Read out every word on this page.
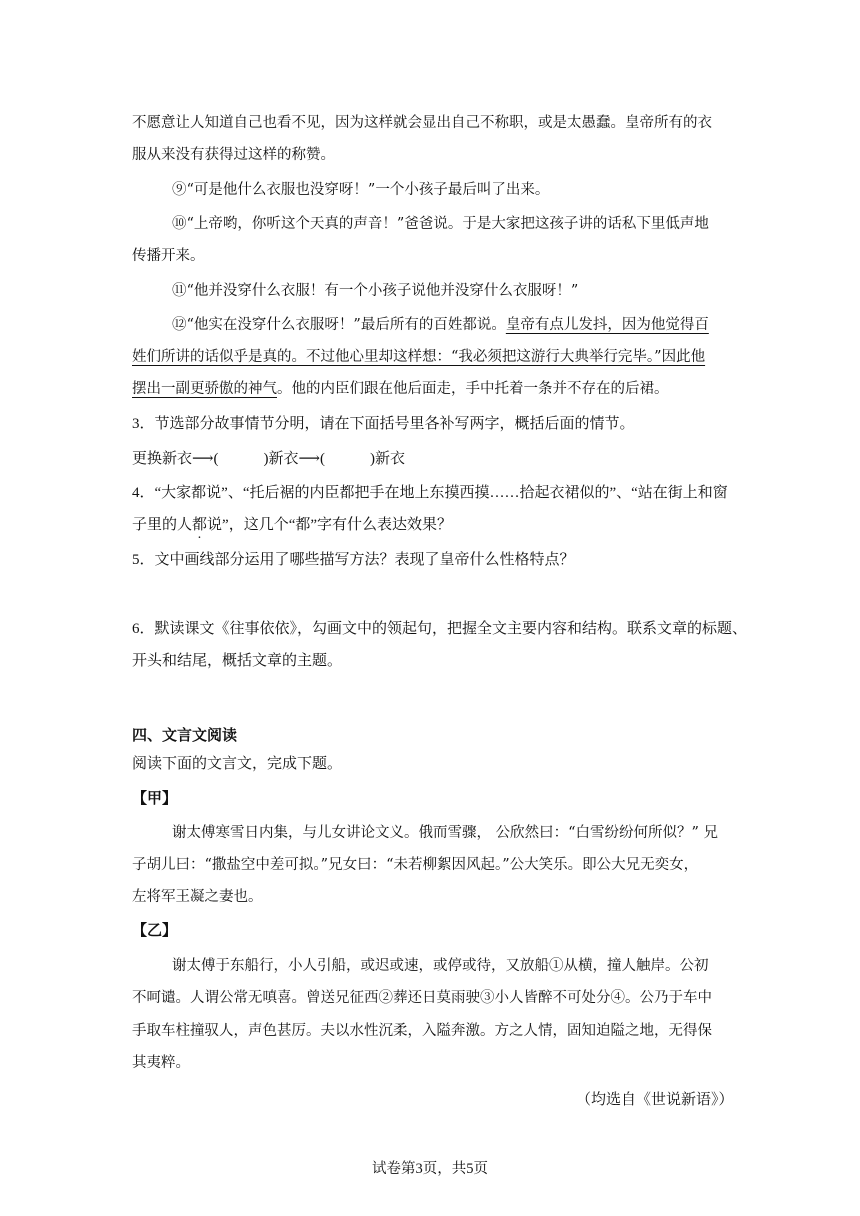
不愿意让人知道自己也看不见，因为这样就会显出自己不称职，或是太愚蠢。皇帝所有的衣
服从来没有获得过这样的称赞。
⑨“可是他什么衣服也没穿呀！”一个小孩子最后叫了出来。
⑩“上帝哟，你听这个天真的声音！”爸爸说。于是大家把这孩子讲的话私下里低声地
传播开来。
⑪“他并没穿什么衣服！有一个小孩子说他并没穿什么衣服呀！”
⑫“他实在没穿什么衣服呀！”最后所有的百姓都说。皇帝有点儿发抖，因为他觉得百
姓们所讲的话似乎是真的。不过他心里却这样想：“我必须把这游行大典举行完毕。”因此他
摆出一副更骄傲的神气。他的内臣们跟在他后面走，手中托着一条并不存在的后裙。
3．节选部分故事情节分明，请在下面括号里各补写两字，概括后面的情节。
更换新衣⟶(　　　)新衣⟶(　　　)新衣
4．“大家都说”、“托后裾的内臣都把手在地上东摸西摸……拾起衣裙似的”、“站在街上和窗
子里的人都说”，这几个“都”字有什么表达效果？
5．文中画线部分运用了哪些描写方法？表现了皇帝什么性格特点？
6．默读课文《往事依依》，勾画文中的领起句，把握全文主要内容和结构。联系文章的标题、
开头和结尾，概括文章的主题。
四、文言文阅读
阅读下面的文言文，完成下题。
【甲】
谢太傅寒雪日内集，与儿女讲论文义。俄而雪骤， 公欣然曰：“白雪纷纷何所似？” 兄
子胡儿曰：“撒盐空中差可拟。”兄女曰：“未若柳絮因风起。”公大笑乐。即公大兄无奕女，
左将军王凝之妻也。
【乙】
谢太傅于东船行，小人引船，或迟或速，或停或待，又放船①从横，撞人触岸。公初
不呵谴。人谓公常无嗔喜。曾送兄征西②葬还日莫雨驶③小人皆醉不可处分④。公乃于车中
手取车柱撞驭人，声色甚厉。夫以水性沉柔，入隘奔激。方之人情，固知迫隘之地，无得保
其夷粹。
（均选自《世说新语》）
试卷第3页，共5页
